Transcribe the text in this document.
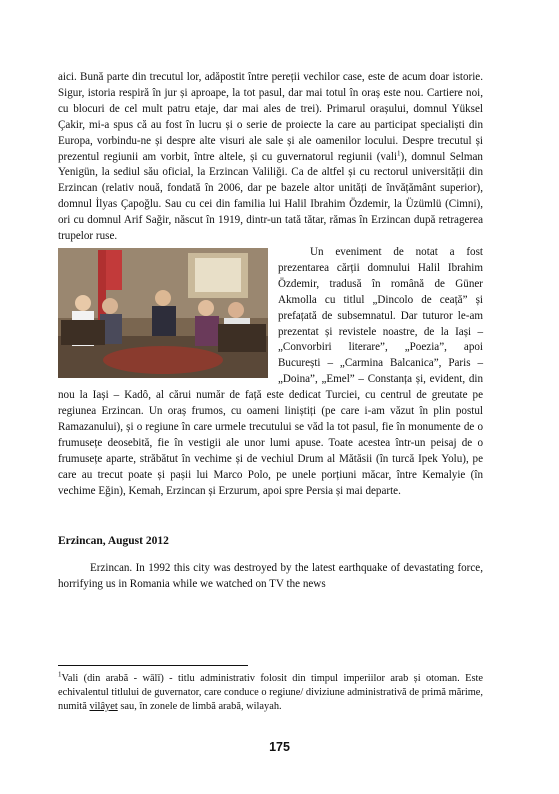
aici. Bună parte din trecutul lor, adăpostit între pereții vechilor case, este de acum doar istorie. Sigur, istoria respiră în jur și aproape, la tot pasul, dar mai totul în oraș este nou. Cartiere noi, cu blocuri de cel mult patru etaje, dar mai ales de trei). Primarul orașului, domnul Yüksel Çakir, mi-a spus că au fost în lucru și o serie de proiecte la care au participat specialiști din Europa, vorbindu-ne și despre alte visuri ale sale și ale oamenilor locului. Despre trecutul și prezentul regiunii am vorbit, între altele, și cu guvernatorul regiunii (vali$^1$), domnul Selman Yenigün, la sediul său oficial, la Erzincan Valiliği. Ca de altfel și cu rectorul universității din Erzincan (relativ nouă, fondată în 2006, dar pe bazele altor unități de învățământ superior), domnul İlyas Çapoğlu. Sau cu cei din familia lui Halil Ibrahim Özdemir, la Üzümlü (Cimni), ori cu domnul Arif Sağir, născut în 1919, dintr-un tată tătar, rămas în Erzincan după retragerea trupelor ruse.

Un eveniment de notat a fost prezentarea cărții domnului Halil Ibrahim Özdemir, tradusă în română de Güner Akmolla cu titlul „Dincolo de ceață” și prefațată de subsemnatul. Dar tuturor le-am prezentat și revistele noastre, de la Iași – „Convorbiri literare”, „Poezia”, apoi București – „Carmina Balcanica”, Paris – „Doina”, „Emel” – Constanța și, evident, din nou la Iași – Kadô, al cărui număr de față este dedicat Turciei, cu centrul de greutate pe regiunea Erzincan. Un oraș frumos, cu oameni liniștiți (pe care i-am văzut în plin postul Ramazanului), și o regiune în care urmele trecutului se văd la tot pasul, fie în monumente de o frumusețe deosebită, fie în vestigii ale unor lumi apuse. Toate acestea într-un peisaj de o frumusețe aparte, străbătut în vechime și de vechiul Drum al Mătăsii (în turcă Ipek Yolu), pe care au trecut poate și pașii lui Marco Polo, pe unele porțiuni măcar, între Kemalyie (în vechime Eğin), Kemah, Erzincan și Erzurum, apoi spre Persia și mai departe.

Erzincan, August 2012

Erzincan. In 1992 this city was destroyed by the latest earthquake of devastating force, horrifying us in Romania while we watched on TV the news

$^1$Vali (din arabă - wālī) - titlu administrativ folosit din timpul imperiilor arab și otoman. Este echivalentul titlului de guvernator, care conduce o regiune/ diviziune administrativă de primă mărime, numită vilâyet sau, în zonele de limbă arabă, wilayah.

175
